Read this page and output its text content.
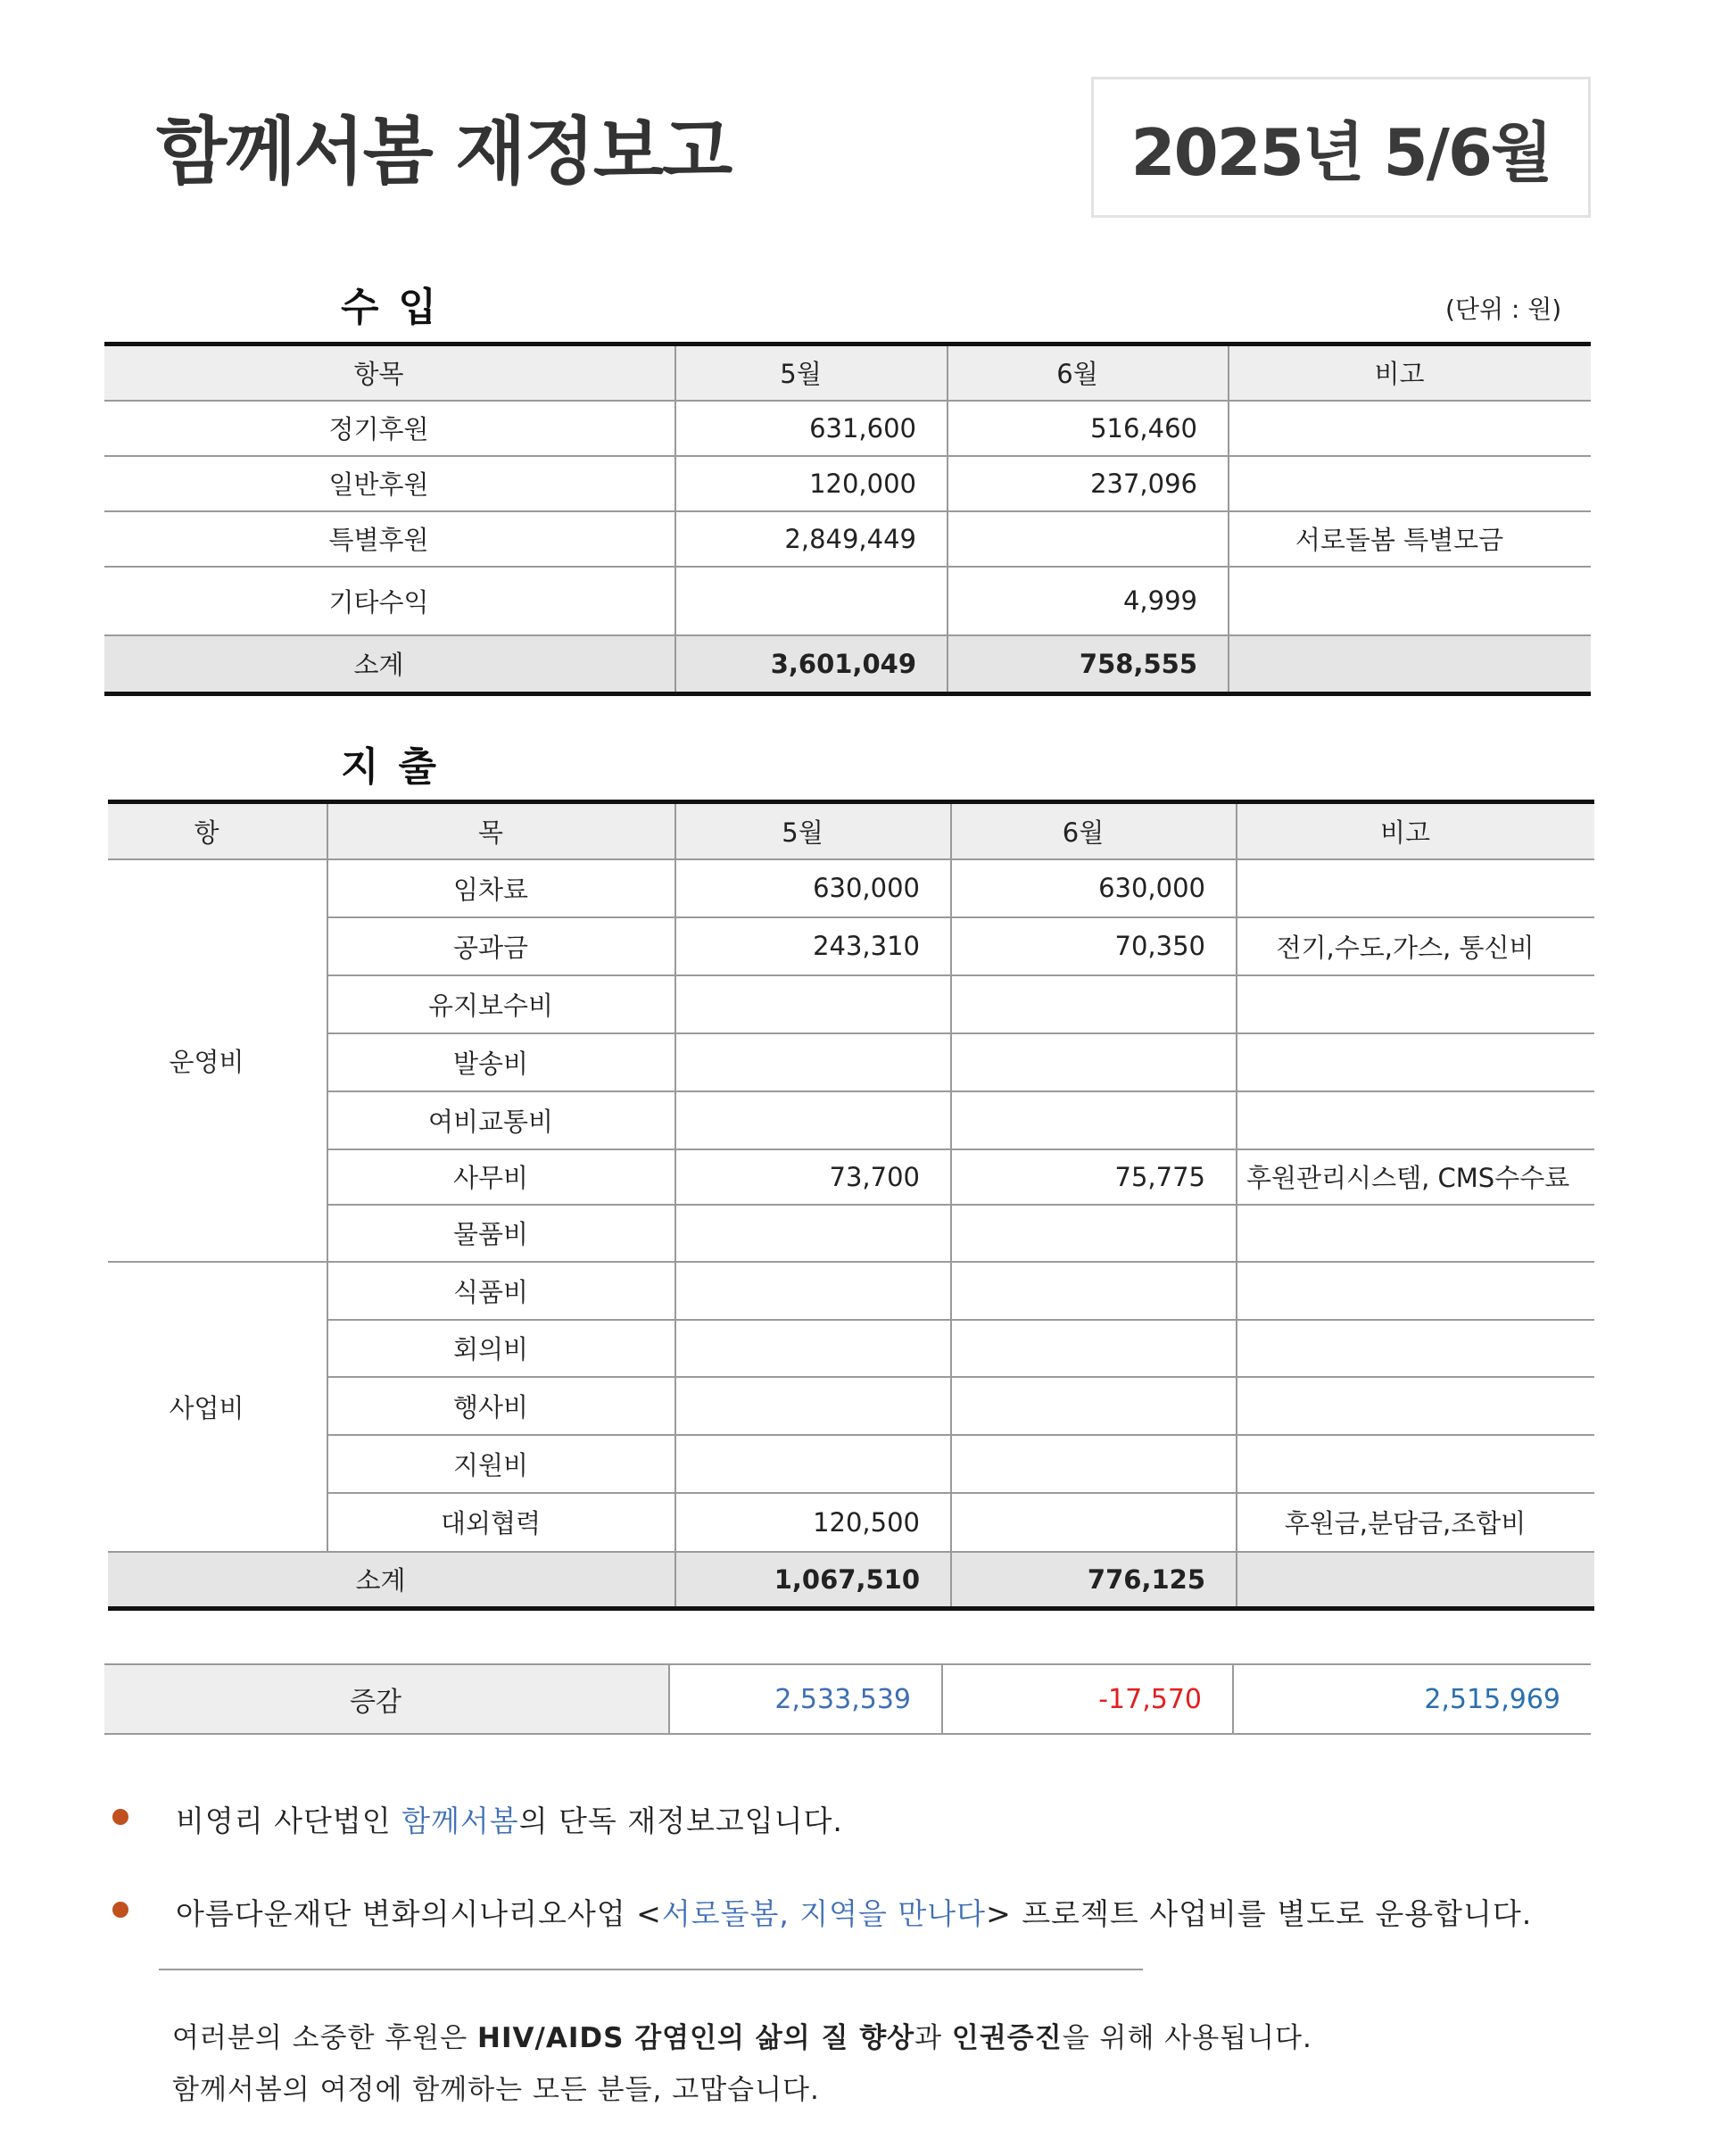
함께서봄 재정보고	2025년 5/6월
수입	(단위 : 원)
항목	5월	6월	비고
정기후원	631,600	516,460	
일반후원	120,000	237,096	
특별후원	2,849,449		서로돌봄 특별모금
기타수익		4,999	
소계	3,601,049	758,555	
지출
항	목	5월	6월	비고
운영비	임차료	630,000	630,000	
	공과금	243,310	70,350	전기,수도,가스, 통신비
	유지보수비			
	발송비			
	여비교통비			
	사무비	73,700	75,775	후원관리시스템, CMS수수료
	물품비			
사업비	식품비			
	회의비			
	행사비			
	지원비			
	대외협력	120,500		후원금,분담금,조합비
소계		1,067,510	776,125	
증감	2,533,539	-17,570	2,515,969

비영리 사단법인 함께서봄의 단독 재정보고입니다.

아름다운재단 변화의시나리오사업 <서로돌봄, 지역을 만나다> 프로젝트 사업비를 별도로 운용합니다.

여러분의 소중한 후원은 HIV/AIDS 감염인의 삶의 질 향상과 인권증진을 위해 사용됩니다.

함께서봄의 여정에 함께하는 모든 분들, 고맙습니다.
